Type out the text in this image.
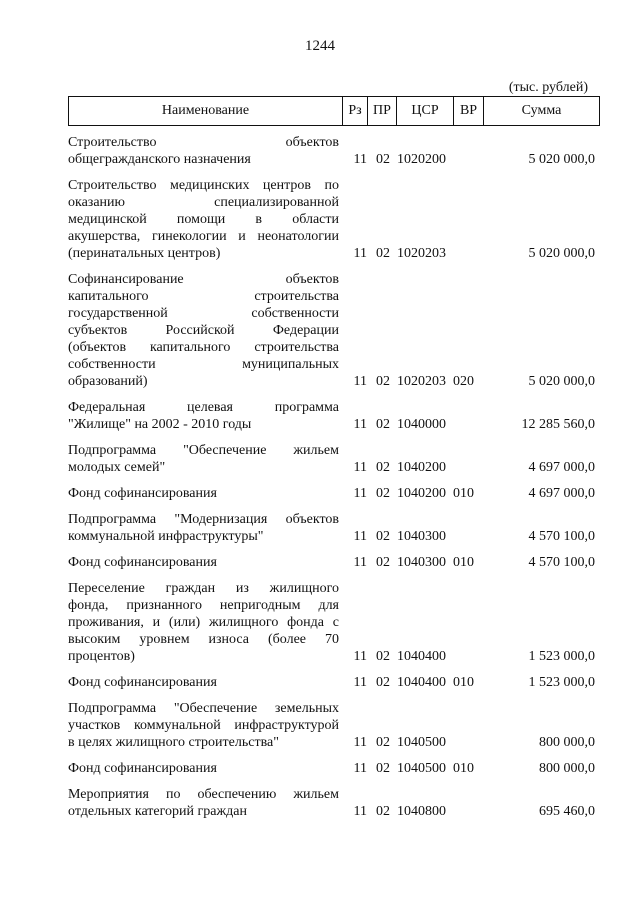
1244
(тыс. рублей)
Наименование	Рз ПР	ЦСР	ВР	Сумма
Строительство объектов
общегражданского назначения	11 02 1020200	5 020 000,0
Строительство медицинских центров по
оказанию специализированной
медицинской помощи в области
акушерства, гинекологии и неонатологии
(перинатальных центров)	11 02 1020203	5 020 000,0
Софинансирование объектов
капитального строительства
государственной собственности
субъектов Российской Федерации
(объектов капитального строительства
собственности муниципальных
образований)	11 02 1020203 020	5 020 000,0
Федеральная целевая программа
"Жилище" на 2002 - 2010 годы	11 02 1040000	12 285 560,0
Подпрограмма "Обеспечение жильем
молодых семей"	11 02 1040200	4 697 000,0
Фонд софинансирования	11 02 1040200 010	4 697 000,0
Подпрограмма "Модернизация объектов
коммунальной инфраструктуры"	11 02 1040300	4 570 100,0
Фонд софинансирования	11 02 1040300 010	4 570 100,0
Переселение граждан из жилищного
фонда, признанного непригодным для
проживания, и (или) жилищного фонда с
высоким уровнем износа (более 70
процентов)	11 02 1040400	1 523 000,0
Фонд софинансирования	11 02 1040400 010	1 523 000,0
Подпрограмма "Обеспечение земельных
участков коммунальной инфраструктурой
в целях жилищного строительства"	11 02 1040500	800 000,0
Фонд софинансирования	11 02 1040500 010	800 000,0
Мероприятия по обеспечению жильем
отдельных категорий граждан	11 02 1040800	695 460,0
